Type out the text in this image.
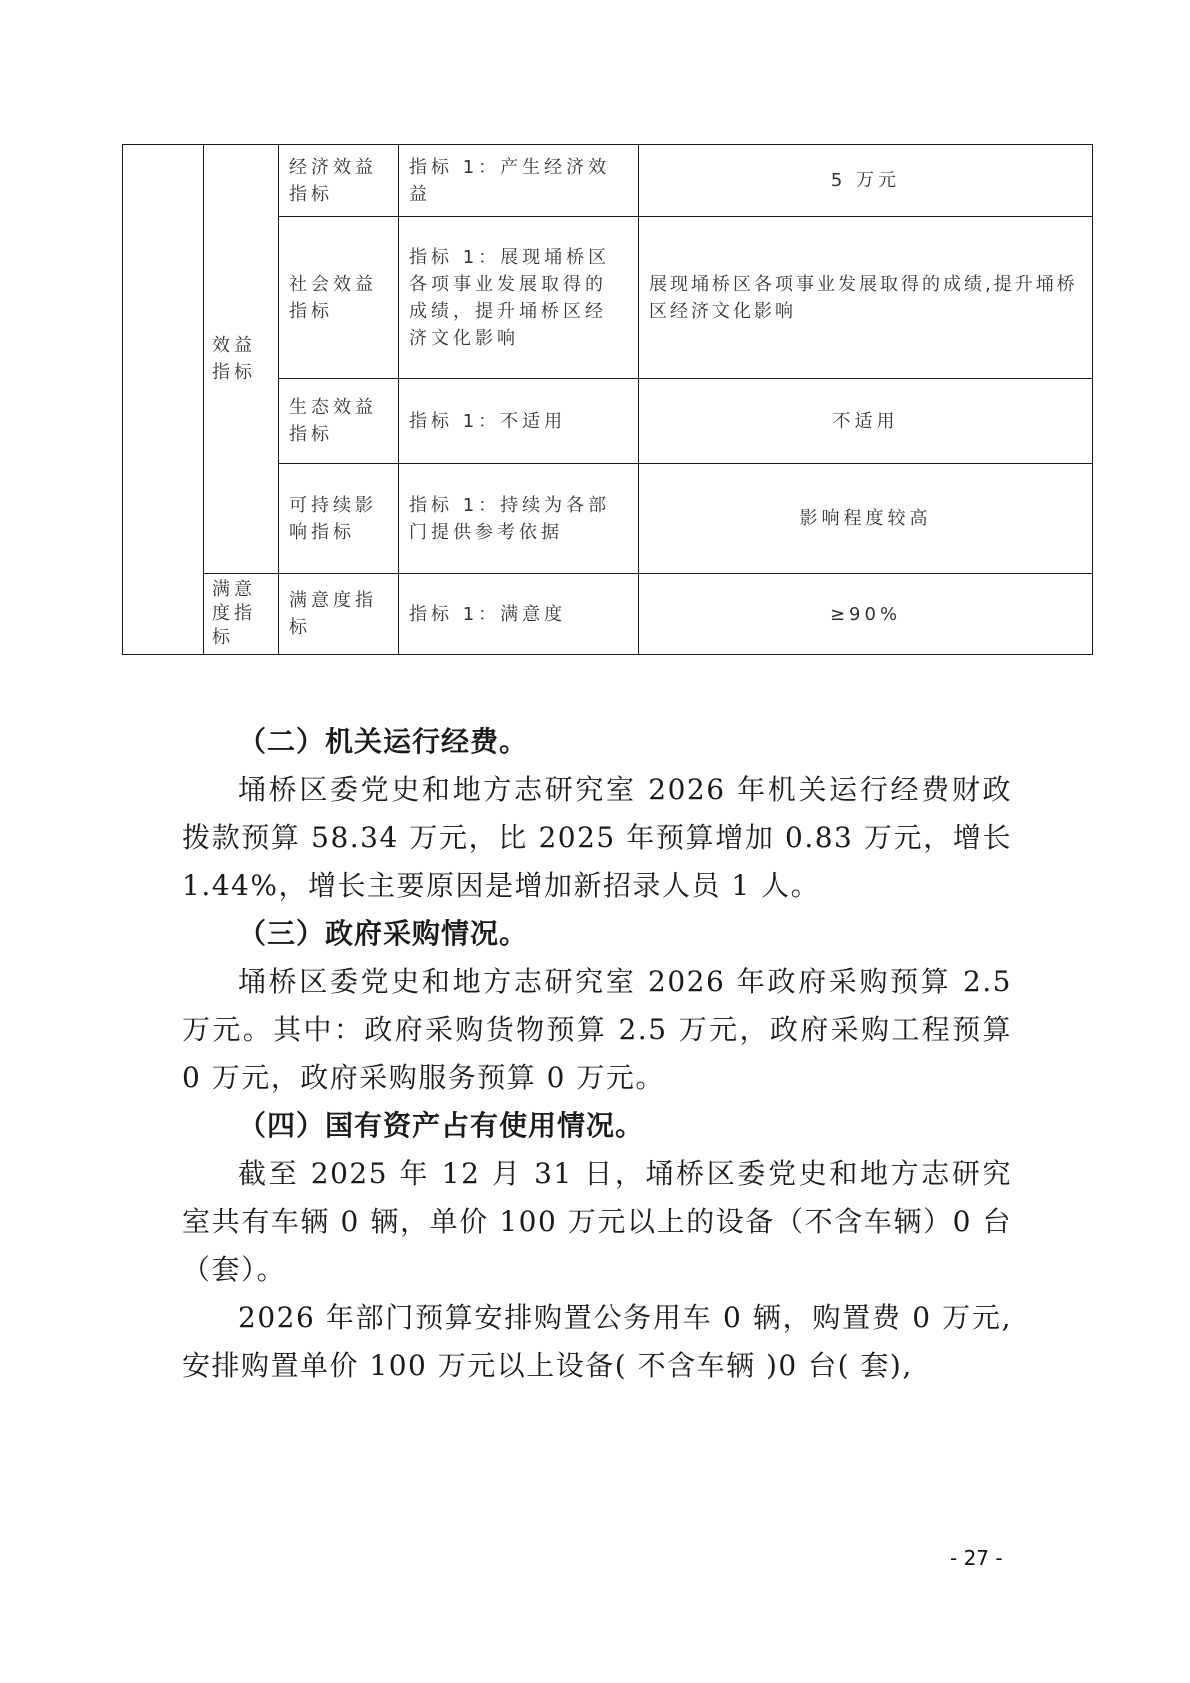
	效益指标	经济效益指标	指标 1：产生经济效益	5 万元
		社会效益指标	指标 1：展现埇桥区各项事业发展取得的成绩，提升埇桥区经济文化影响	展现埇桥区各项事业发展取得的成绩,提升埇桥区经济文化影响
		生态效益指标	指标 1：不适用	不适用
		可持续影响指标	指标 1：持续为各部门提供参考依据	影响程度较高
	满意度指标	满意度指标	指标 1：满意度	≥90%

（二）机关运行经费。

埇桥区委党史和地方志研究室 2026 年机关运行经费财政拨款预算 58.34 万元，比 2025 年预算增加 0.83 万元，增长 1.44%，增长主要原因是增加新招录人员 1 人。

（三）政府采购情况。

埇桥区委党史和地方志研究室 2026 年政府采购预算 2.5 万元。其中：政府采购货物预算 2.5 万元，政府采购工程预算 0 万元，政府采购服务预算 0 万元。

（四）国有资产占有使用情况。

截至 2025 年 12 月 31 日，埇桥区委党史和地方志研究室共有车辆 0 辆，单价 100 万元以上的设备（不含车辆）0 台（套）。

2026 年部门预算安排购置公务用车 0 辆，购置费 0 万元,安排购置单价 100 万元以上设备( 不含车辆 )0 台( 套),

- 27 -
